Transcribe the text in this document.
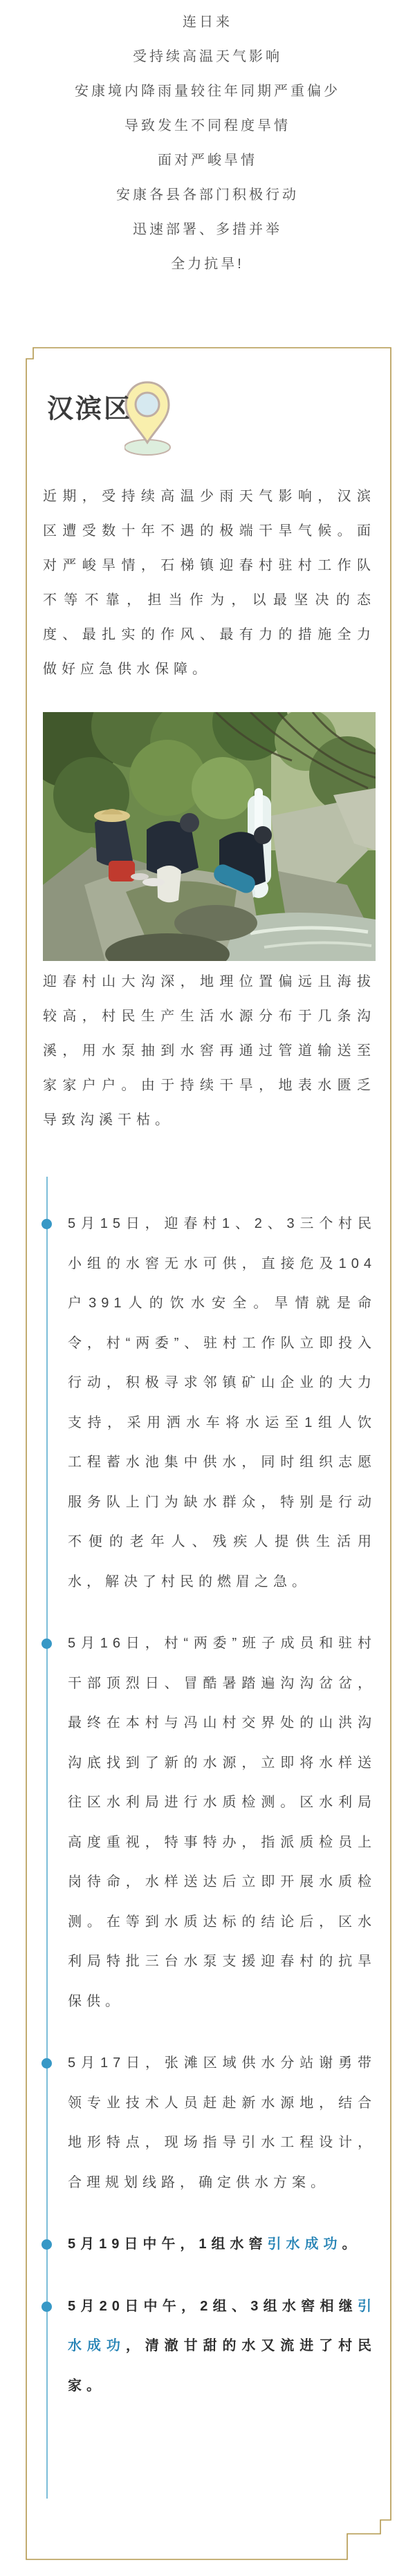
连日来
受持续高温天气影响
安康境内降雨量较往年同期严重偏少
导致发生不同程度旱情
面对严峻旱情
安康各县各部门积极行动
迅速部署、多措并举
全力抗旱!
汉滨区

近期，受持续高温少雨天气影响，汉滨区遭受数十年不遇的极端干旱气候。面对严峻旱情，石梯镇迎春村驻村工作队不等不靠，担当作为，以最坚决的态度、最扎实的作风、最有力的措施全力做好应急供水保障。

迎春村山大沟深，地理位置偏远且海拔较高，村民生产生活水源分布于几条沟溪，用水泵抽到水窖再通过管道输送至家家户户。由于持续干旱，地表水匮乏导致沟溪干枯。

5月15日，迎春村1、2、3三个村民小组的水窖无水可供，直接危及104户391人的饮水安全。旱情就是命令，村“两委”、驻村工作队立即投入行动，积极寻求邻镇矿山企业的大力支持，采用洒水车将水运至1组人饮工程蓄水池集中供水，同时组织志愿服务队上门为缺水群众，特别是行动不便的老年人、残疾人提供生活用水，解决了村民的燃眉之急。
5月16日，村“两委”班子成员和驻村干部顶烈日、冒酷暑踏遍沟沟岔岔，最终在本村与冯山村交界处的山洪沟沟底找到了新的水源，立即将水样送往区水利局进行水质检测。区水利局高度重视，特事特办，指派质检员上岗待命，水样送达后立即开展水质检测。在等到水质达标的结论后，区水利局特批三台水泵支援迎春村的抗旱保供。
5月17日，张滩区域供水分站谢勇带领专业技术人员赶赴新水源地，结合地形特点，现场指导引水工程设计，合理规划线路，确定供水方案。
5月19日中午，1组水窖引水成功。
5月20日中午，2组、3组水窖相继引水成功，清澈甘甜的水又流进了村民家。
